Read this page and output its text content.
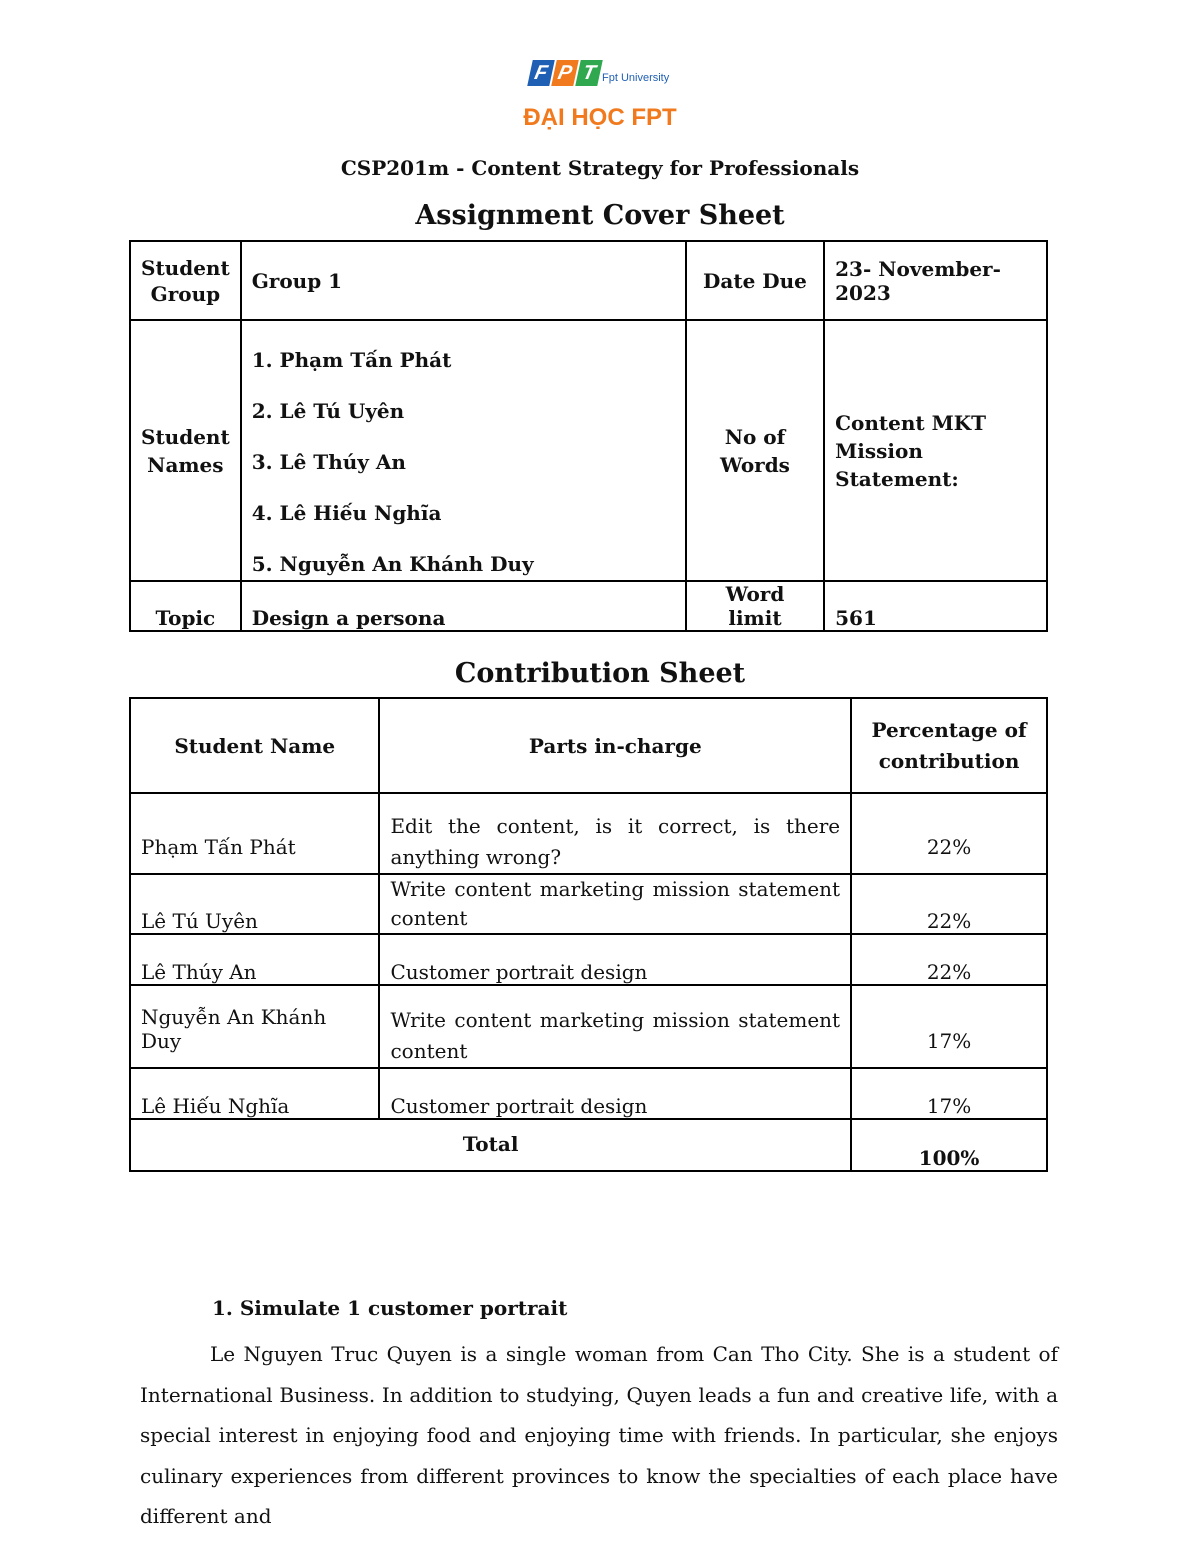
F P T Fpt University
ĐẠI HỌC FPT
CSP201m - Content Strategy for Professionals
Assignment Cover Sheet
Student Group	Group 1	Date Due	23- November-2023
Student Names	1. Phạm Tấn Phát
2. Lê Tú Uyên
3. Lê Thúy An
4. Lê Hiếu Nghĩa
5. Nguyễn An Khánh Duy	No of Words	Content MKT Mission Statement:
Topic	Design a persona	Word limit	561
Contribution Sheet
Student Name	Parts in-charge	Percentage of contribution
Phạm Tấn Phát	Edit the content, is it correct, is there anything wrong?	22%
Lê Tú Uyên	Write content marketing mission statement content	22%
Lê Thúy An	Customer portrait design	22%
Nguyễn An Khánh Duy	Write content marketing mission statement content	17%
Lê Hiếu Nghĩa	Customer portrait design	17%
Total		100%
1. Simulate 1 customer portrait
Le Nguyen Truc Quyen is a single woman from Can Tho City. She is a student of International Business. In addition to studying, Quyen leads a fun and creative life, with a special interest in enjoying food and enjoying time with friends. In particular, she enjoys culinary experiences from different provinces to know the specialties of each place have different and
